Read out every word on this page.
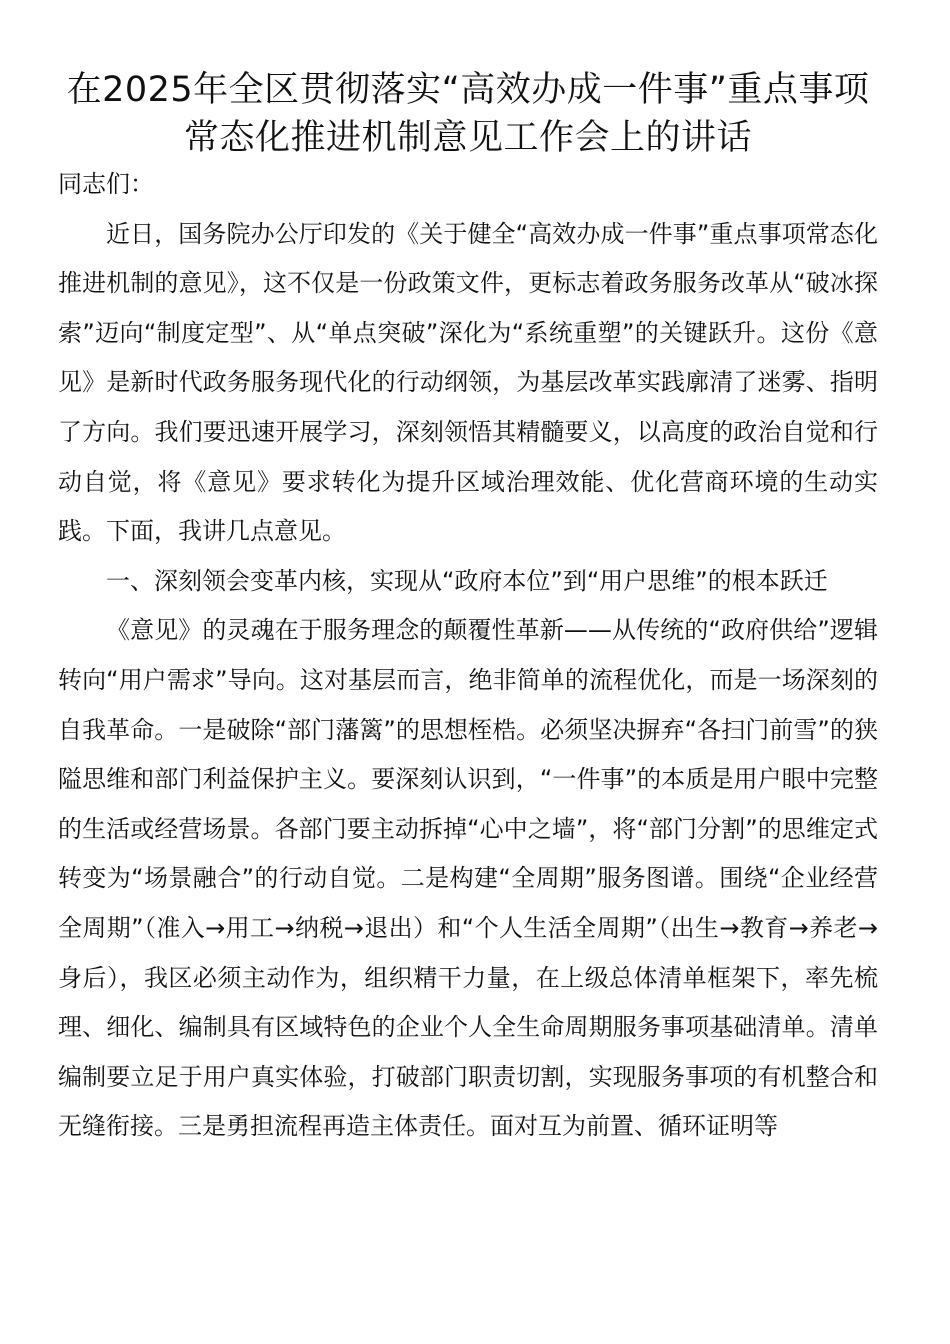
在2025年全区贯彻落实“高效办成一件事”重点事项常态化推进机制意见工作会上的讲话

同志们：

近日，国务院办公厅印发的《关于健全“高效办成一件事”重点事项常态化推进机制的意见》，这不仅是一份政策文件，更标志着政务服务改革从“破冰探索”迈向“制度定型”、从“单点突破”深化为“系统重塑”的关键跃升。这份《意见》是新时代政务服务现代化的行动纲领，为基层改革实践廓清了迷雾、指明了方向。我们要迅速开展学习，深刻领悟其精髓要义，以高度的政治自觉和行动自觉，将《意见》要求转化为提升区域治理效能、优化营商环境的生动实践。下面，我讲几点意见。

一、深刻领会变革内核，实现从“政府本位”到“用户思维”的根本跃迁

《意见》的灵魂在于服务理念的颠覆性革新——从传统的“政府供给”逻辑转向“用户需求”导向。这对基层而言，绝非简单的流程优化，而是一场深刻的自我革命。一是破除“部门藩篱”的思想桎梏。必须坚决摒弃“各扫门前雪”的狭隘思维和部门利益保护主义。要深刻认识到，“一件事”的本质是用户眼中完整的生活或经营场景。各部门要主动拆掉“心中之墙”，将“部门分割”的思维定式转变为“场景融合”的行动自觉。二是构建“全周期”服务图谱。围绕“企业经营全周期”（准入→用工→纳税→退出）和“个人生活全周期”（出生→教育→养老→身后），我区必须主动作为，组织精干力量，在上级总体清单框架下，率先梳理、细化、编制具有区域特色的企业个人全生命周期服务事项基础清单。清单编制要立足于用户真实体验，打破部门职责切割，实现服务事项的有机整合和无缝衔接。三是勇担流程再造主体责任。面对互为前置、循环证明等
